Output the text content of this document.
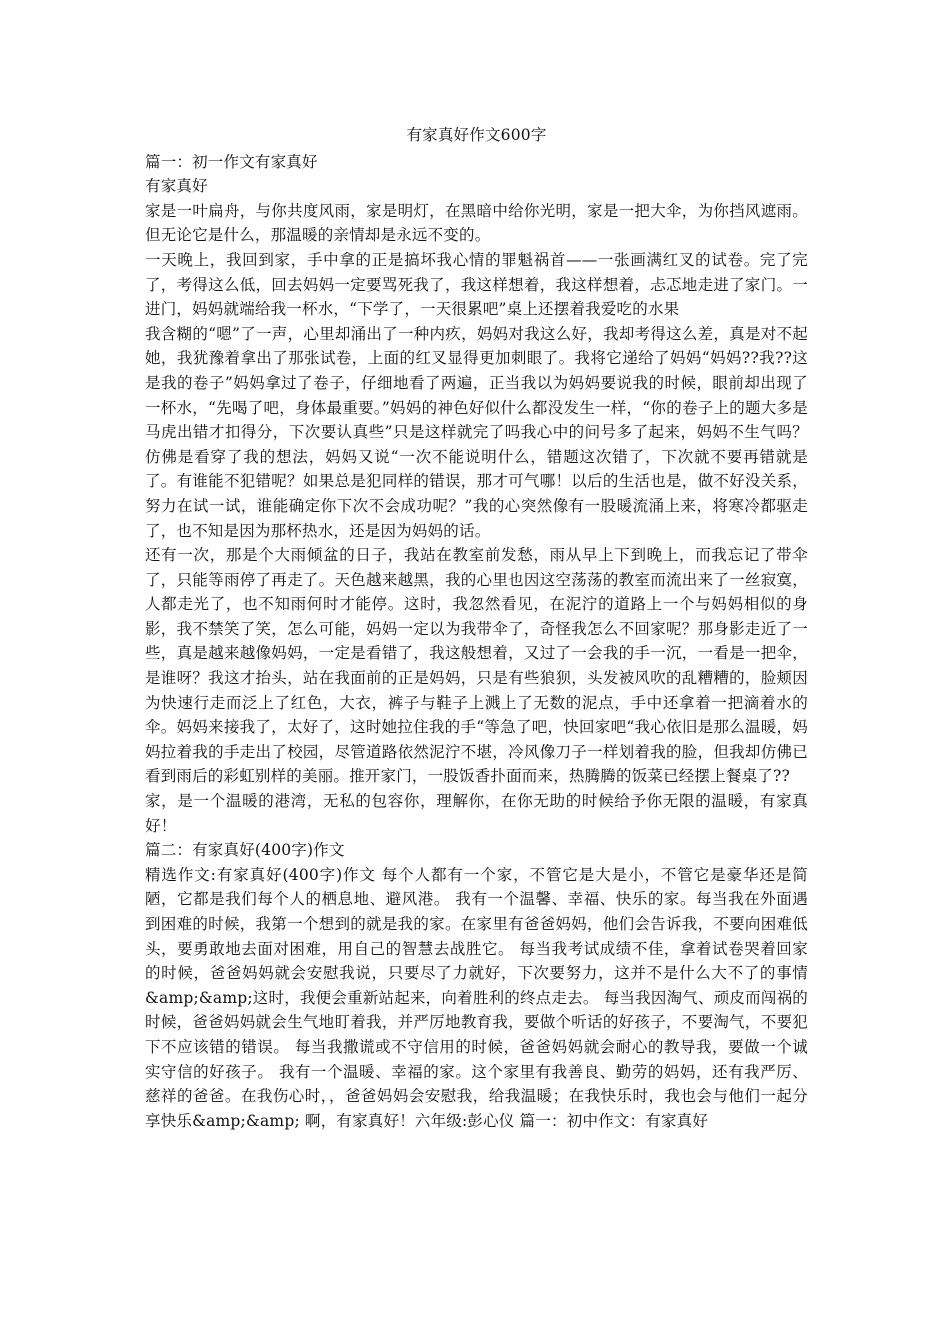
有家真好作文600字

篇一：初一作文有家真好

有家真好

家是一叶扁舟，与你共度风雨，家是明灯，在黑暗中给你光明，家是一把大伞，为你挡风遮雨。但无论它是什么，那温暖的亲情却是永远不变的。

一天晚上，我回到家，手中拿的正是搞坏我心情的罪魁祸首——一张画满红叉的试卷。完了完了，考得这么低，回去妈妈一定要骂死我了，我这样想着，我这样想着，忐忑地走进了家门。一进门，妈妈就端给我一杯水，“下学了，一天很累吧”桌上还摆着我爱吃的水果

我含糊的“嗯”了一声，心里却涌出了一种内疚，妈妈对我这么好，我却考得这么差，真是对不起她，我犹豫着拿出了那张试卷，上面的红叉显得更加刺眼了。我将它递给了妈妈“妈妈??我??这是我的卷子”妈妈拿过了卷子，仔细地看了两遍，正当我以为妈妈要说我的时候，眼前却出现了一杯水，“先喝了吧，身体最重要。”妈妈的神色好似什么都没发生一样，“你的卷子上的题大多是马虎出错才扣得分，下次要认真些”只是这样就完了吗我心中的问号多了起来，妈妈不生气吗？仿佛是看穿了我的想法，妈妈又说“一次不能说明什么，错题这次错了，下次就不要再错就是了。有谁能不犯错呢？如果总是犯同样的错误，那才可气哪！以后的生活也是，做不好没关系，努力在试一试，谁能确定你下次不会成功呢？”我的心突然像有一股暖流涌上来，将寒冷都驱走了，也不知是因为那杯热水，还是因为妈妈的话。

还有一次，那是个大雨倾盆的日子，我站在教室前发愁，雨从早上下到晚上，而我忘记了带伞了，只能等雨停了再走了。天色越来越黑，我的心里也因这空荡荡的教室而流出来了一丝寂寞，人都走光了，也不知雨何时才能停。这时，我忽然看见，在泥泞的道路上一个与妈妈相似的身影，我不禁笑了笑，怎么可能，妈妈一定以为我带伞了，奇怪我怎么不回家呢？那身影走近了一些，真是越来越像妈妈，一定是看错了，我这般想着，又过了一会我的手一沉，一看是一把伞，是谁呀？我这才抬头，站在我面前的正是妈妈，只是有些狼狈，头发被风吹的乱糟糟的，脸颊因为快速行走而泛上了红色，大衣，裤子与鞋子上溅上了无数的泥点，手中还拿着一把滴着水的伞。妈妈来接我了，太好了，这时她拉住我的手“等急了吧，快回家吧“我心依旧是那么温暖，妈妈拉着我的手走出了校园，尽管道路依然泥泞不堪，冷风像刀子一样划着我的脸，但我却仿佛已看到雨后的彩虹别样的美丽。推开家门，一股饭香扑面而来，热腾腾的饭菜已经摆上餐桌了??

家，是一个温暖的港湾，无私的包容你，理解你，在你无助的时候给予你无限的温暖，有家真好！

篇二：有家真好(400字)作文

精选作文:有家真好(400字)作文 每个人都有一个家，不管它是大是小，不管它是豪华还是简陋，它都是我们每个人的栖息地、避风港。 我有一个温馨、幸福、快乐的家。每当我在外面遇到困难的时候，我第一个想到的就是我的家。在家里有爸爸妈妈，他们会告诉我，不要向困难低头，要勇敢地去面对困难，用自己的智慧去战胜它。 每当我考试成绩不佳，拿着试卷哭着回家的时候，爸爸妈妈就会安慰我说，只要尽了力就好，下次要努力，这并不是什么大不了的事情&amp;&amp;这时，我便会重新站起来，向着胜利的终点走去。 每当我因淘气、顽皮而闯祸的时候，爸爸妈妈就会生气地盯着我，并严厉地教育我，要做个听话的好孩子，不要淘气，不要犯下不应该错的错误。 每当我撒谎或不守信用的时候，爸爸妈妈就会耐心的教导我，要做一个诚实守信的好孩子。 我有一个温暖、幸福的家。这个家里有我善良、勤劳的妈妈，还有我严厉、慈祥的爸爸。在我伤心时，，爸爸妈妈会安慰我，给我温暖；在我快乐时，我也会与他们一起分享快乐&amp;&amp; 啊，有家真好！六年级:彭心仪 篇一：初中作文：有家真好
